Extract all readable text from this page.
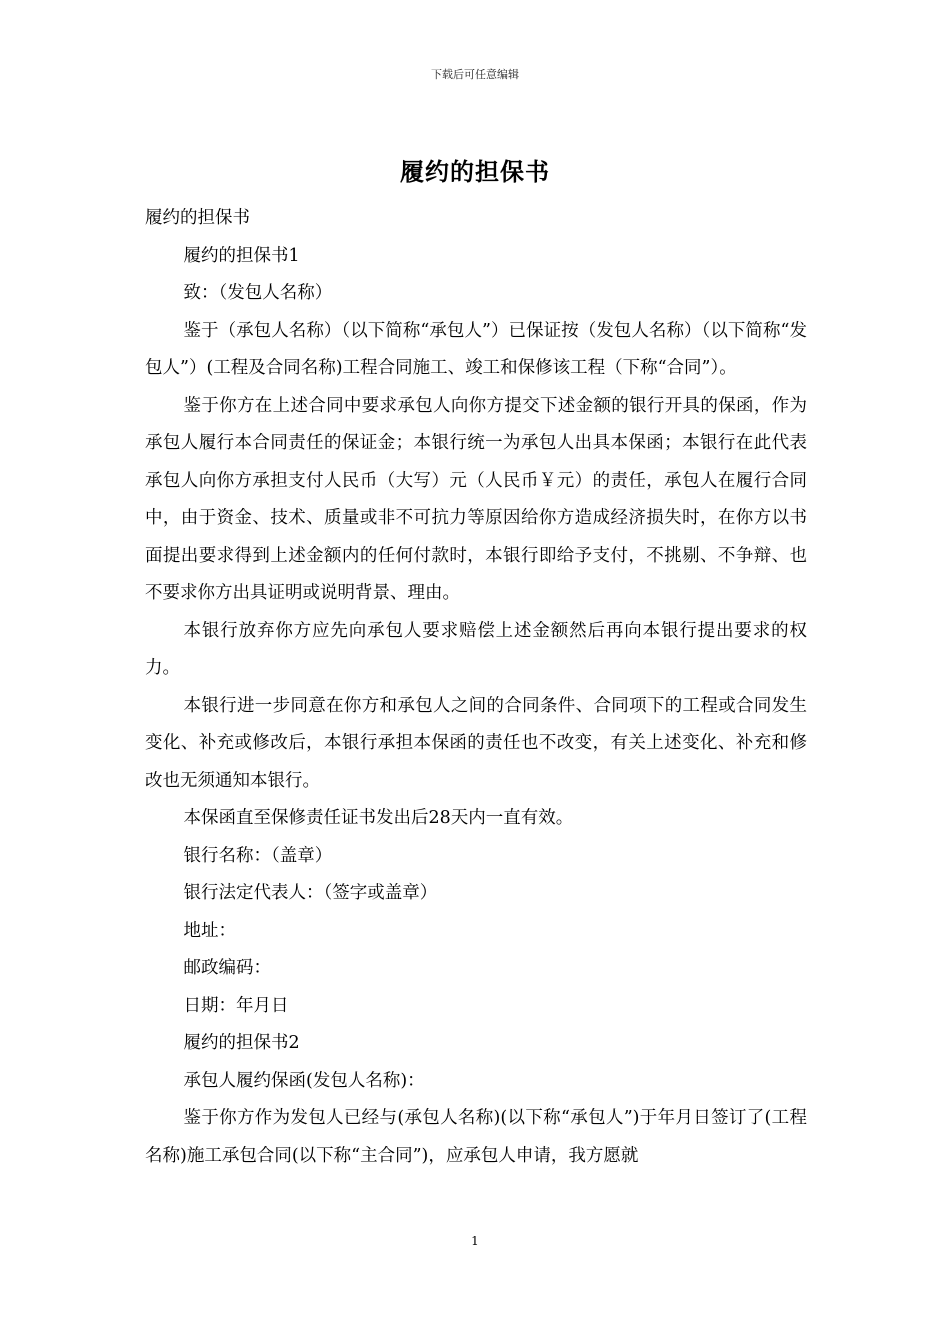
下载后可任意编辑
履约的担保书

履约的担保书

履约的担保书1

致：（发包人名称）

鉴于（承包人名称）（以下简称“承包人”）已保证按（发包人名称）（以下简称“发包人”）(工程及合同名称)工程合同施工、竣工和保修该工程（下称“合同”）。

鉴于你方在上述合同中要求承包人向你方提交下述金额的银行开具的保函，作为承包人履行本合同责任的保证金；本银行统一为承包人出具本保函；本银行在此代表承包人向你方承担支付人民币（大写）元（人民币￥元）的责任，承包人在履行合同中，由于资金、技术、质量或非不可抗力等原因给你方造成经济损失时，在你方以书面提出要求得到上述金额内的任何付款时，本银行即给予支付，不挑剔、不争辩、也不要求你方出具证明或说明背景、理由。

本银行放弃你方应先向承包人要求赔偿上述金额然后再向本银行提出要求的权力。

本银行进一步同意在你方和承包人之间的合同条件、合同项下的工程或合同发生变化、补充或修改后，本银行承担本保函的责任也不改变，有关上述变化、补充和修改也无须通知本银行。

本保函直至保修责任证书发出后28天内一直有效。

银行名称：（盖章）

银行法定代表人：（签字或盖章）

地址：

邮政编码：

日期：年月日

履约的担保书2

承包人履约保函(发包人名称)：

鉴于你方作为发包人已经与(承包人名称)(以下称“承包人”)于年月日签订了(工程名称)施工承包合同(以下称“主合同”)，应承包人申请，我方愿就

1
